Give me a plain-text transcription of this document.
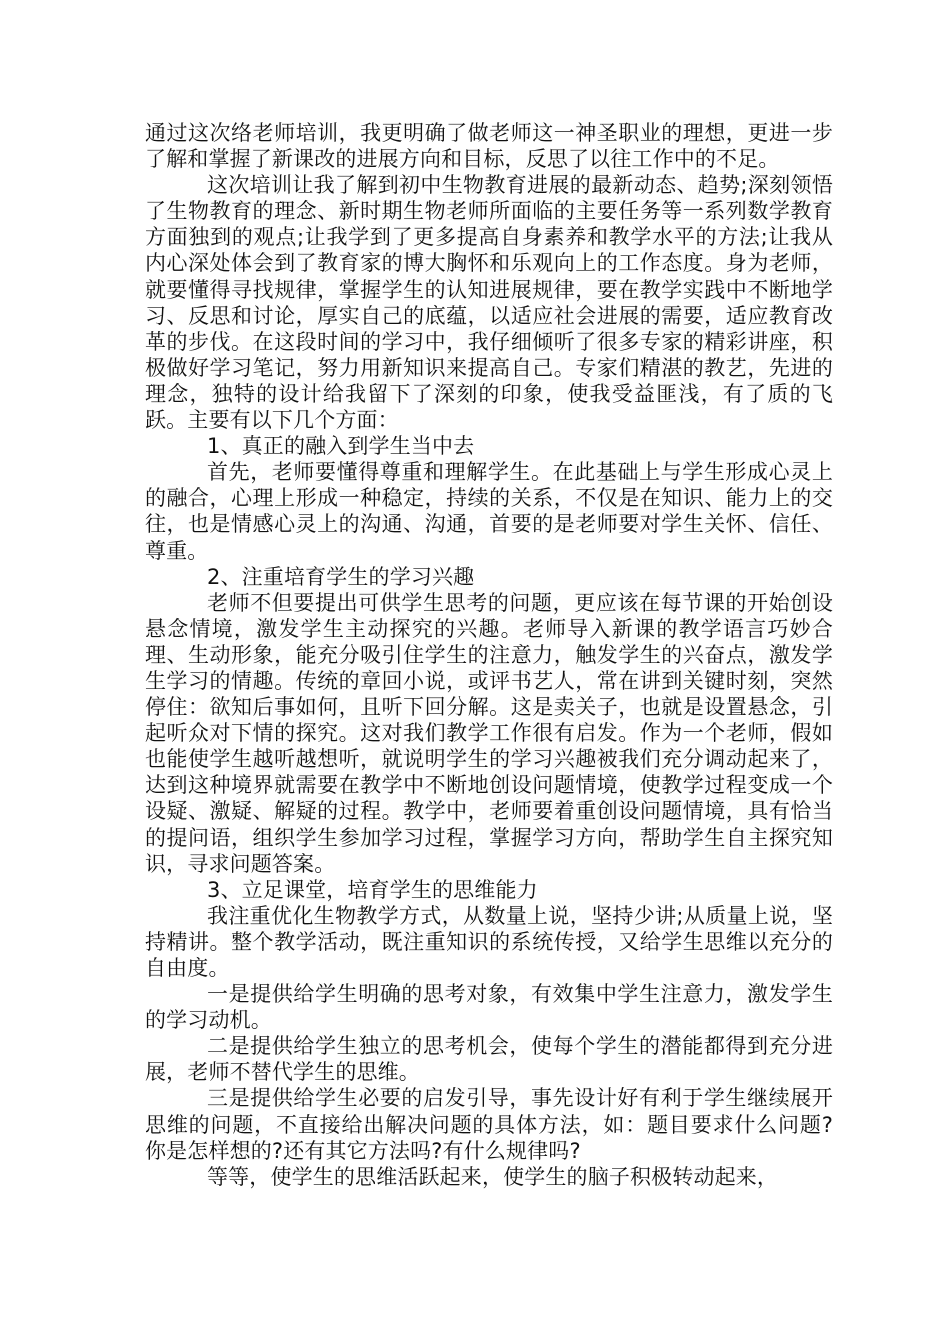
通过这次络老师培训，我更明确了做老师这一神圣职业的理想，更进一步了解和掌握了新课改的进展方向和目标，反思了以往工作中的不足。

这次培训让我了解到初中生物教育进展的最新动态、趋势;深刻领悟了生物教育的理念、新时期生物老师所面临的主要任务等一系列数学教育方面独到的观点;让我学到了更多提高自身素养和教学水平的方法;让我从内心深处体会到了教育家的博大胸怀和乐观向上的工作态度。身为老师，就要懂得寻找规律，掌握学生的认知进展规律，要在教学实践中不断地学习、反思和讨论，厚实自己的底蕴，以适应社会进展的需要，适应教育改革的步伐。在这段时间的学习中，我仔细倾听了很多专家的精彩讲座，积极做好学习笔记，努力用新知识来提高自己。专家们精湛的教艺，先进的理念，独特的设计给我留下了深刻的印象，使我受益匪浅，有了质的飞跃。主要有以下几个方面：

1、真正的融入到学生当中去

首先，老师要懂得尊重和理解学生。在此基础上与学生形成心灵上的融合，心理上形成一种稳定，持续的关系，不仅是在知识、能力上的交往，也是情感心灵上的沟通、沟通，首要的是老师要对学生关怀、信任、尊重。

2、注重培育学生的学习兴趣

老师不但要提出可供学生思考的问题，更应该在每节课的开始创设悬念情境，激发学生主动探究的兴趣。老师导入新课的教学语言巧妙合理、生动形象，能充分吸引住学生的注意力，触发学生的兴奋点，激发学生学习的情趣。传统的章回小说，或评书艺人，常在讲到关键时刻，突然停住：欲知后事如何，且听下回分解。这是卖关子，也就是设置悬念，引起听众对下情的探究。这对我们教学工作很有启发。作为一个老师，假如也能使学生越听越想听，就说明学生的学习兴趣被我们充分调动起来了，达到这种境界就需要在教学中不断地创设问题情境，使教学过程变成一个设疑、激疑、解疑的过程。教学中，老师要着重创设问题情境，具有恰当的提问语，组织学生参加学习过程，掌握学习方向，帮助学生自主探究知识，寻求问题答案。

3、立足课堂，培育学生的思维能力

我注重优化生物教学方式，从数量上说，坚持少讲;从质量上说，坚持精讲。整个教学活动，既注重知识的系统传授，又给学生思维以充分的自由度。

一是提供给学生明确的思考对象，有效集中学生注意力，激发学生的学习动机。

二是提供给学生独立的思考机会，使每个学生的潜能都得到充分进展，老师不替代学生的思维。

三是提供给学生必要的启发引导，事先设计好有利于学生继续展开思维的问题，不直接给出解决问题的具体方法，如：题目要求什么问题?你是怎样想的?还有其它方法吗?有什么规律吗?

等等，使学生的思维活跃起来，使学生的脑子积极转动起来，
